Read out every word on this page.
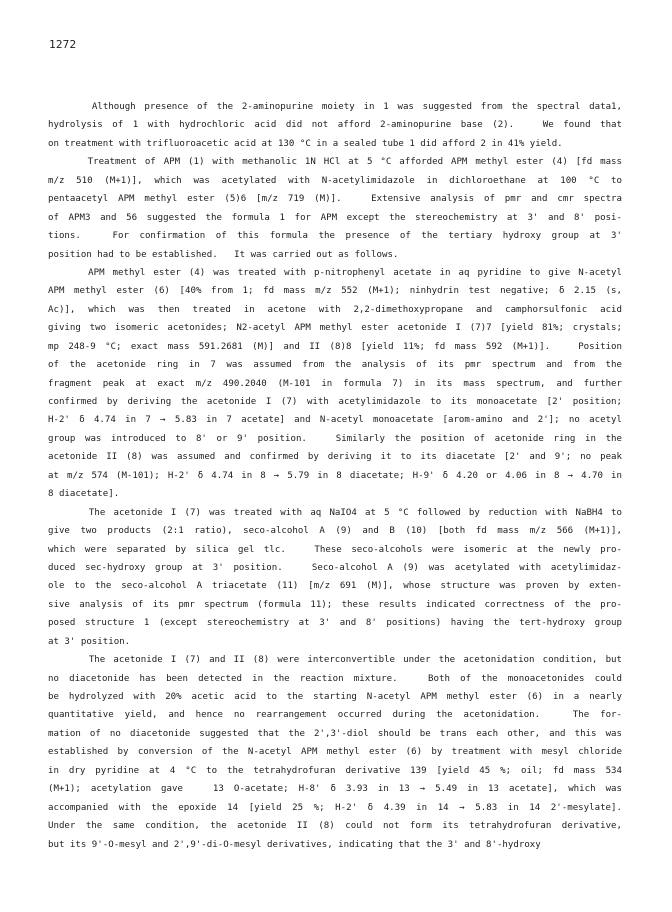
1272
Although presence of the 2-aminopurine moiety in 1 was suggested from the spectral data1,
hydrolysis of 1 with hydrochloric acid did not afford 2-aminopurine base (2).   We found that
on treatment with trifluoroacetic acid at 130 °C in a sealed tube 1 did afford 2 in 41% yield.
Treatment of APM (1) with methanolic 1N HCl at 5 °C afforded APM methyl ester (4) [fd mass
m/z 510 (M+1)], which was acetylated with N-acetylimidazole in dichloroethane at 100 °C to
pentaacetyl APM methyl ester (5)6 [m/z 719 (M)].   Extensive analysis of pmr and cmr spectra
of APM3 and 56 suggested the formula 1 for APM except the stereochemistry at 3' and 8' posi-
tions.   For confirmation of this formula the presence of the tertiary hydroxy group at 3'
position had to be established.   It was carried out as follows.
APM methyl ester (4) was treated with p-nitrophenyl acetate in aq pyridine to give N-acetyl
APM methyl ester (6) [40% from 1; fd mass m/z 552 (M+1); ninhydrin test negative; δ 2.15 (s,
Ac)], which was then treated in acetone with 2,2-dimethoxypropane and camphorsulfonic acid
giving two isomeric acetonides; N2-acetyl APM methyl ester acetonide I (7)7 [yield 81%; crystals;
mp 248-9 °C; exact mass 591.2681 (M)] and II (8)8 [yield 11%; fd mass 592 (M+1)].   Position
of the acetonide ring in 7 was assumed from the analysis of its pmr spectrum and from the
fragment peak at exact m/z 490.2040 (M-101 in formula 7) in its mass spectrum, and further
confirmed by deriving the acetonide I (7) with acetylimidazole to its monoacetate [2' position;
H-2' δ 4.74 in 7 → 5.83 in 7 acetate] and N-acetyl monoacetate [arom-amino and 2']; no acetyl
group was introduced to 8' or 9' position.   Similarly the position of acetonide ring in the
acetonide II (8) was assumed and confirmed by deriving it to its diacetate [2' and 9'; no peak
at m/z 574 (M-101); H-2' δ 4.74 in 8 → 5.79 in 8 diacetate; H-9' δ 4.20 or 4.06 in 8 → 4.70 in
8 diacetate].
The acetonide I (7) was treated with aq NaIO4 at 5 °C followed by reduction with NaBH4 to
give two products (2:1 ratio), seco-alcohol A (9) and B (10) [both fd mass m/z 566 (M+1)],
which were separated by silica gel tlc.   These seco-alcohols were isomeric at the newly pro-
duced sec-hydroxy group at 3' position.   Seco-alcohol A (9) was acetylated with acetylimidaz-
ole to the seco-alcohol A triacetate (11) [m/z 691 (M)], whose structure was proven by exten-
sive analysis of its pmr spectrum (formula 11); these results indicated correctness of the pro-
posed structure 1 (except stereochemistry at 3' and 8' positions) having the tert-hydroxy group
at 3' position.
The acetonide I (7) and II (8) were interconvertible under the acetonidation condition, but
no diacetonide has been detected in the reaction mixture.   Both of the monoacetonides could
be hydrolyzed with 20% acetic acid to the starting N-acetyl APM methyl ester (6) in a nearly
quantitative yield, and hence no rearrangement occurred during the acetonidation.   The for-
mation of no diacetonide suggested that the 2',3'-diol should be trans each other, and this was
established by conversion of the N-acetyl APM methyl ester (6) by treatment with mesyl chloride
in dry pyridine at 4 °C to the tetrahydrofuran derivative 139 [yield 45 %; oil; fd mass 534
(M+1); acetylation gave   13 O-acetate; H-8' δ 3.93 in 13 → 5.49 in 13 acetate], which was
accompanied with the epoxide 14 [yield 25 %; H-2' δ 4.39 in 14 → 5.83 in 14 2'-mesylate].
Under the same condition, the acetonide II (8) could not form its tetrahydrofuran derivative,
but its 9'-O-mesyl and 2',9'-di-O-mesyl derivatives, indicating that the 3' and 8'-hydroxy
